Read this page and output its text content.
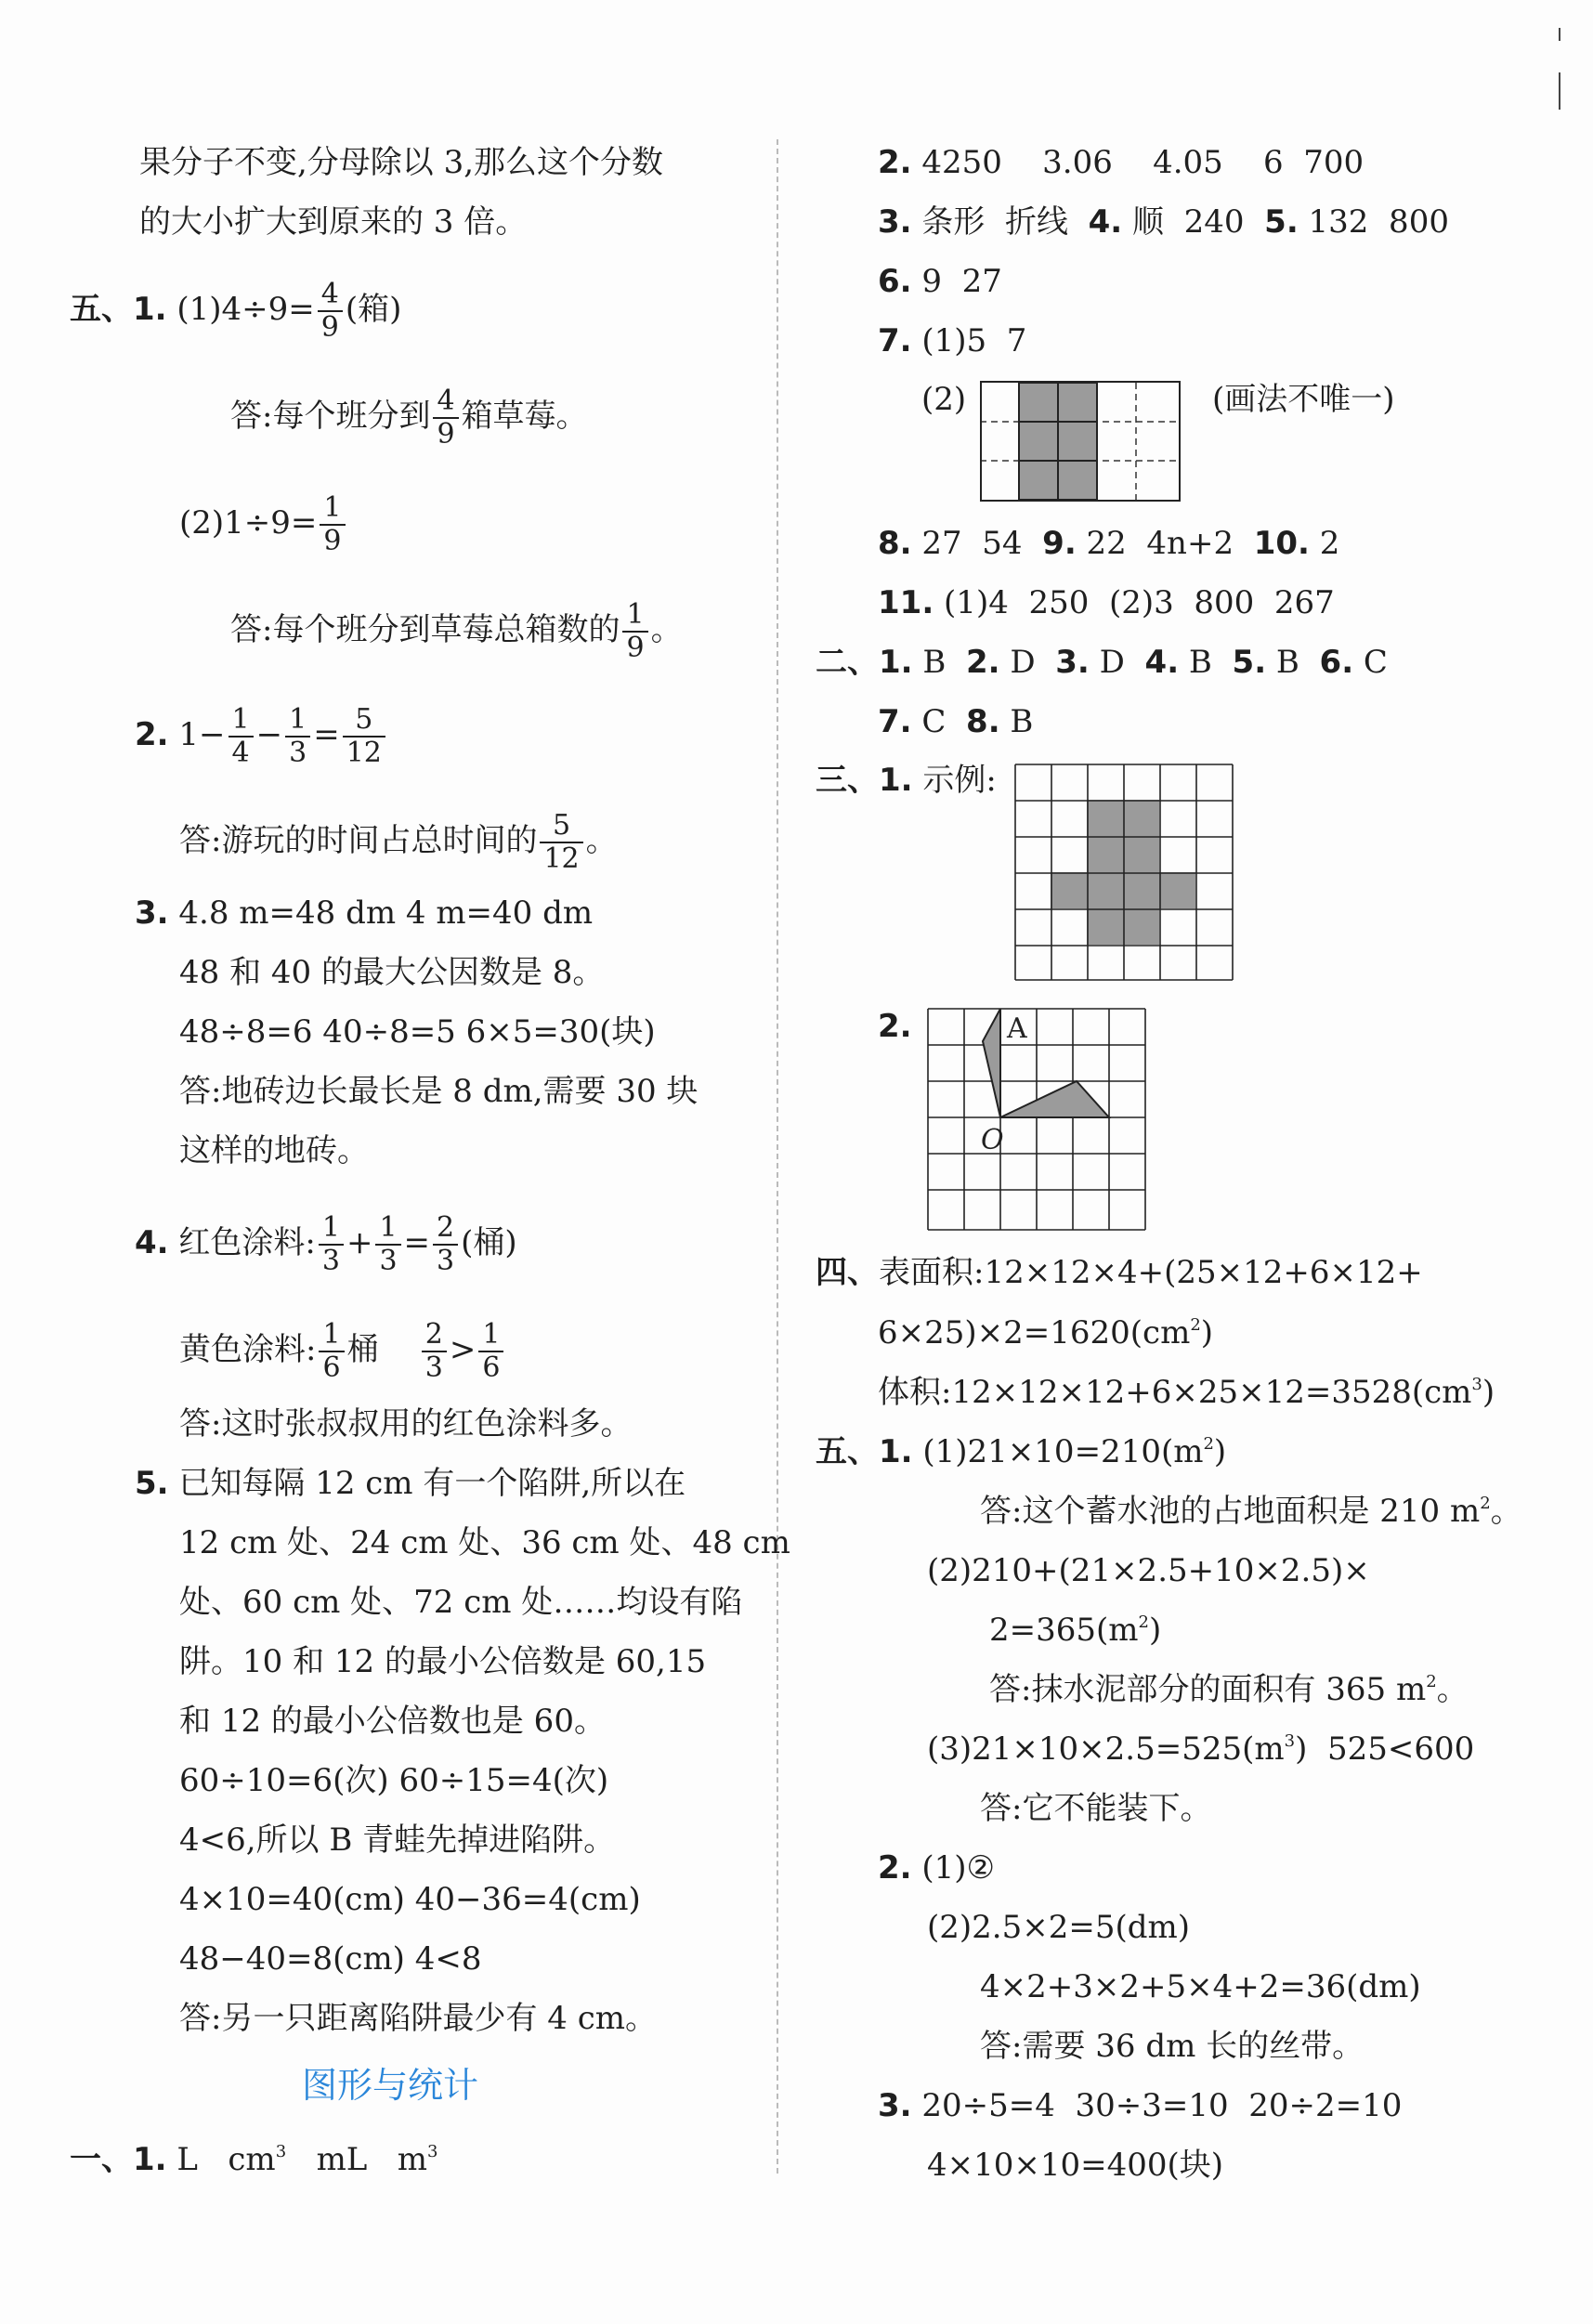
果分子不变,分母除以 3,那么这个分数
的大小扩大到原来的 3 倍。
五、1. $(1)4\div 9= \frac{4}{9}$ (箱)
答:每个班分到 $\frac{4}{9}$ 箱草莓。
$(2)1\div 9= \frac{1}{9}$
答:每个班分到草莓总箱数的 $\frac{1}{9}$ 。
2. $1- \frac{1}{4} - \frac{1}{3} = \frac{5}{12}$
答:游玩的时间占总时间的 $\frac{5}{12}$ 。
3. 4.8 m=48 dm 4 m=40 dm
48 和 40 的最大公因数是 8。
48÷8=6 40÷8=5 6×5=30(块)
答:地砖边长最长是 8 dm,需要 30 块
这样的地砖。
4. 红色涂料: $\frac{1}{3} + \frac{1}{3} = \frac{2}{3}$ (桶)
黄色涂料: $\frac{1}{6}$ 桶 $\frac{2}{3} > \frac{1}{6}$
答:这时张叔叔用的红色涂料多。
5. 已知每隔 12 cm 有一个陷阱,所以在
12 cm 处、24 cm 处、36 cm 处、48 cm
处、60 cm 处、72 cm 处……均设有陷
阱。10 和 12 的最小公倍数是 60,15
和 12 的最小公倍数也是 60。
60÷10=6(次) 60÷15=4(次)
4<6,所以 B 青蛙先掉进陷阱。
4×10=40(cm) 40−36=4(cm)
48−40=8(cm) 4<8
答:另一只距离陷阱最少有 4 cm。
图形与统计
一、1. L   $cm^3$   mL   $m^3$
2. 4250    3.06    4.05    6  700
3. 条形  折线  4. 顺  240  5. 132  800
6. 9  27
7. (1)5  7
(2)	(画法不唯一)
8. 27  54  9. 22  4n+2  10. 2
11. (1)4  250  (2)3  800  267
二、1. B  2. D  3. D  4. B  5. B  6. C
7. C  8. B
三、1. 示例:
2.	A
O
四、表面积:12×12×4+(25×12+6×12+
$6\times 25)\times 2=1620(cm^2)$
体积$:12\times 12\times 12+6\times 25\times 12=3528(cm^3)$
五、1. $(1)21\times 10=210(m^2)$
答:这个蓄水池的占地面积是 210 $m^2$。
(2)210+(21×2.5+10×2.5)×
$2=365(m^2)$
答:抹水泥部分的面积有 365 $m^2$。
$(3)21\times 10\times 2.5=525(m^3)$  525<600
答:它不能装下。
2. (1)②
(2)2.5×2=5(dm)
4×2+3×2+5×4+2=36(dm)
答:需要 36 dm 长的丝带。
3. 20÷5=4  30÷3=10  20÷2=10
4×10×10=400(块)
